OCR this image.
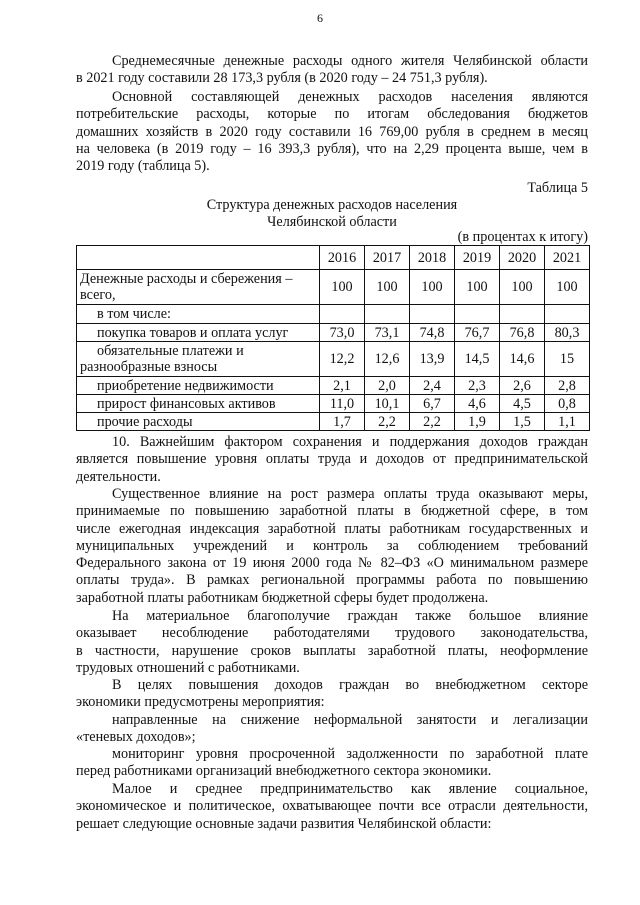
6
Среднемесячные денежные расходы одного жителя Челябинской области
в 2021 году составили 28 173,3 рубля (в 2020 году – 24 751,3 рубля).
Основной составляющей денежных расходов населения являются
потребительские расходы, которые по итогам обследования бюджетов
домашних хозяйств в 2020 году составили 16 769,00 рубля в среднем в месяц
на человека (в 2019 году – 16 393,3 рубля), что на 2,29 процента выше, чем в
2019 году (таблица 5).
Таблица 5
Структура денежных расходов населения
Челябинской области
(в процентах к итогу)
	2016	2017	2018	2019	2020	2021
Денежные расходы и сбережения –
всего,	100	100	100	100	100	100
в том числе:						
покупка товаров и оплата услуг	73,0	73,1	74,8	76,7	76,8	80,3
обязательные платежи и
разнообразные взносы	12,2	12,6	13,9	14,5	14,6	15
приобретение недвижимости	2,1	2,0	2,4	2,3	2,6	2,8
прирост финансовых активов	11,0	10,1	6,7	4,6	4,5	0,8
прочие расходы	1,7	2,2	2,2	1,9	1,5	1,1
10. Важнейшим фактором сохранения и поддержания доходов граждан
является повышение уровня оплаты труда и доходов от предпринимательской
деятельности.
Существенное влияние на рост размера оплаты труда оказывают меры,
принимаемые по повышению заработной платы в бюджетной сфере, в том
числе ежегодная индексация заработной платы работникам государственных и
муниципальных учреждений и контроль за соблюдением требований
Федерального закона от 19 июня 2000 года № 82–ФЗ «О минимальном размере
оплаты труда». В рамках региональной программы работа по повышению
заработной платы работникам бюджетной сферы будет продолжена.
На материальное благополучие граждан также большое влияние
оказывает несоблюдение работодателями трудового законодательства,
в частности, нарушение сроков выплаты заработной платы, неоформление
трудовых отношений с работниками.
В целях повышения доходов граждан во внебюджетном секторе
экономики предусмотрены мероприятия:
направленные на снижение неформальной занятости и легализации
«теневых доходов»;
мониторинг уровня просроченной задолженности по заработной плате
перед работниками организаций внебюджетного сектора экономики.
Малое и среднее предпринимательство как явление социальное,
экономическое и политическое, охватывающее почти все отрасли деятельности,
решает следующие основные задачи развития Челябинской области:
